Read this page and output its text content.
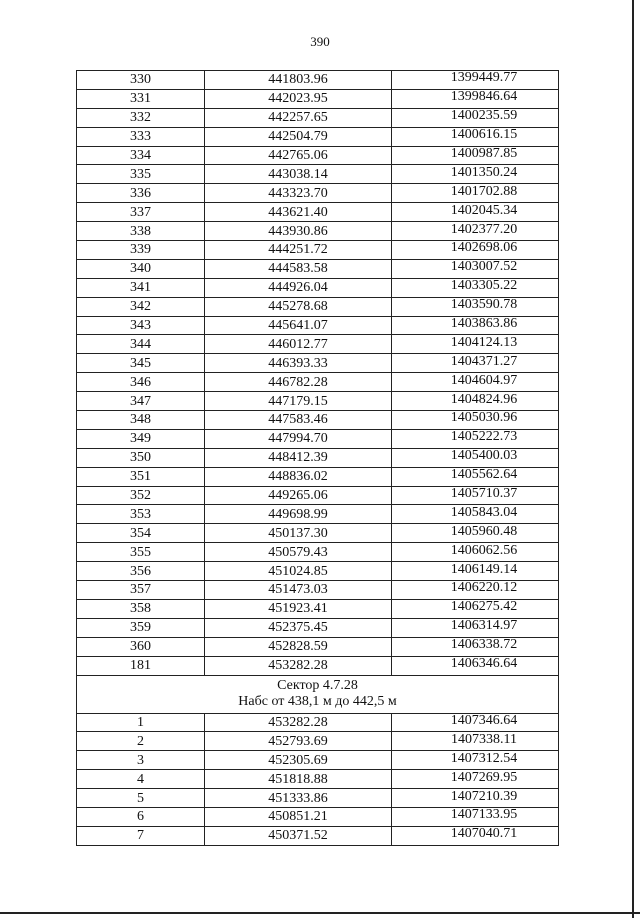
390
330	441803.96	1399449.77
331	442023.95	1399846.64
332	442257.65	1400235.59
333	442504.79	1400616.15
334	442765.06	1400987.85
335	443038.14	1401350.24
336	443323.70	1401702.88
337	443621.40	1402045.34
338	443930.86	1402377.20
339	444251.72	1402698.06
340	444583.58	1403007.52
341	444926.04	1403305.22
342	445278.68	1403590.78
343	445641.07	1403863.86
344	446012.77	1404124.13
345	446393.33	1404371.27
346	446782.28	1404604.97
347	447179.15	1404824.96
348	447583.46	1405030.96
349	447994.70	1405222.73
350	448412.39	1405400.03
351	448836.02	1405562.64
352	449265.06	1405710.37
353	449698.99	1405843.04
354	450137.30	1405960.48
355	450579.43	1406062.56
356	451024.85	1406149.14
357	451473.03	1406220.12
358	451923.41	1406275.42
359	452375.45	1406314.97
360	452828.59	1406338.72
181	453282.28	1406346.64

Сектор 4.7.28
Набс от 438,1 м до 442,5 м		

1	453282.28	1407346.64
2	452793.69	1407338.11
3	452305.69	1407312.54
4	451818.88	1407269.95
5	451333.86	1407210.39
6	450851.21	1407133.95
7	450371.52	1407040.71
